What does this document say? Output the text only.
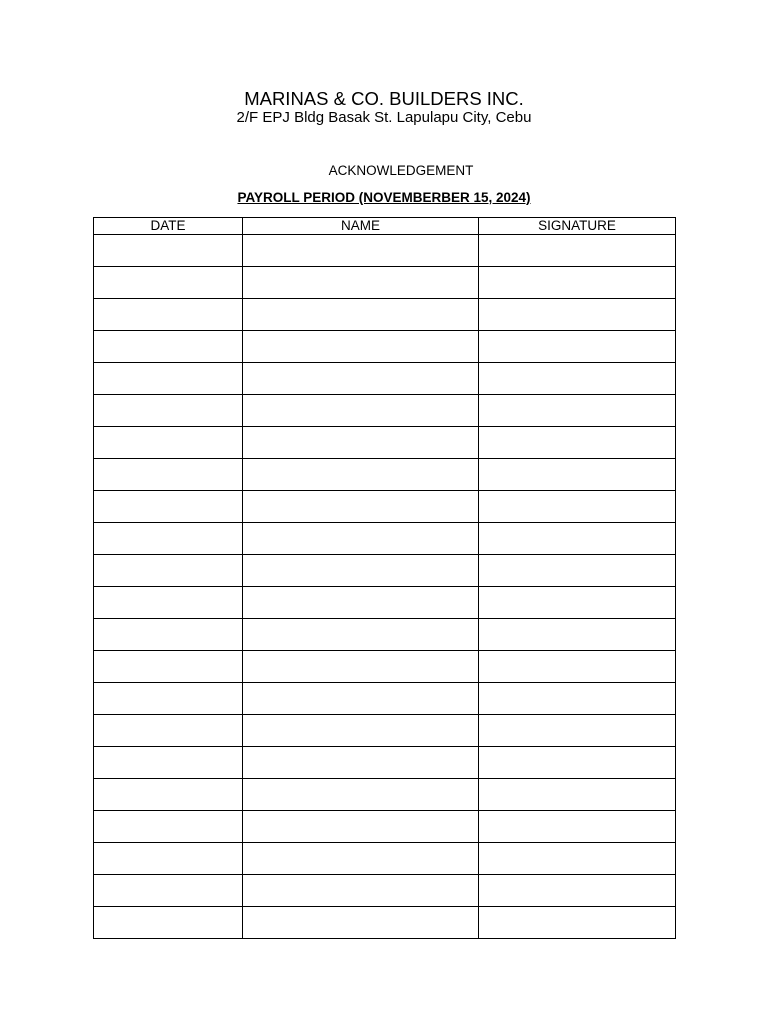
MARINAS & CO. BUILDERS INC.
2/F EPJ Bldg Basak St. Lapulapu City, Cebu
ACKNOWLEDGEMENT
PAYROLL PERIOD (NOVEMBERBER 15, 2024)
DATE	NAME	SIGNATURE
